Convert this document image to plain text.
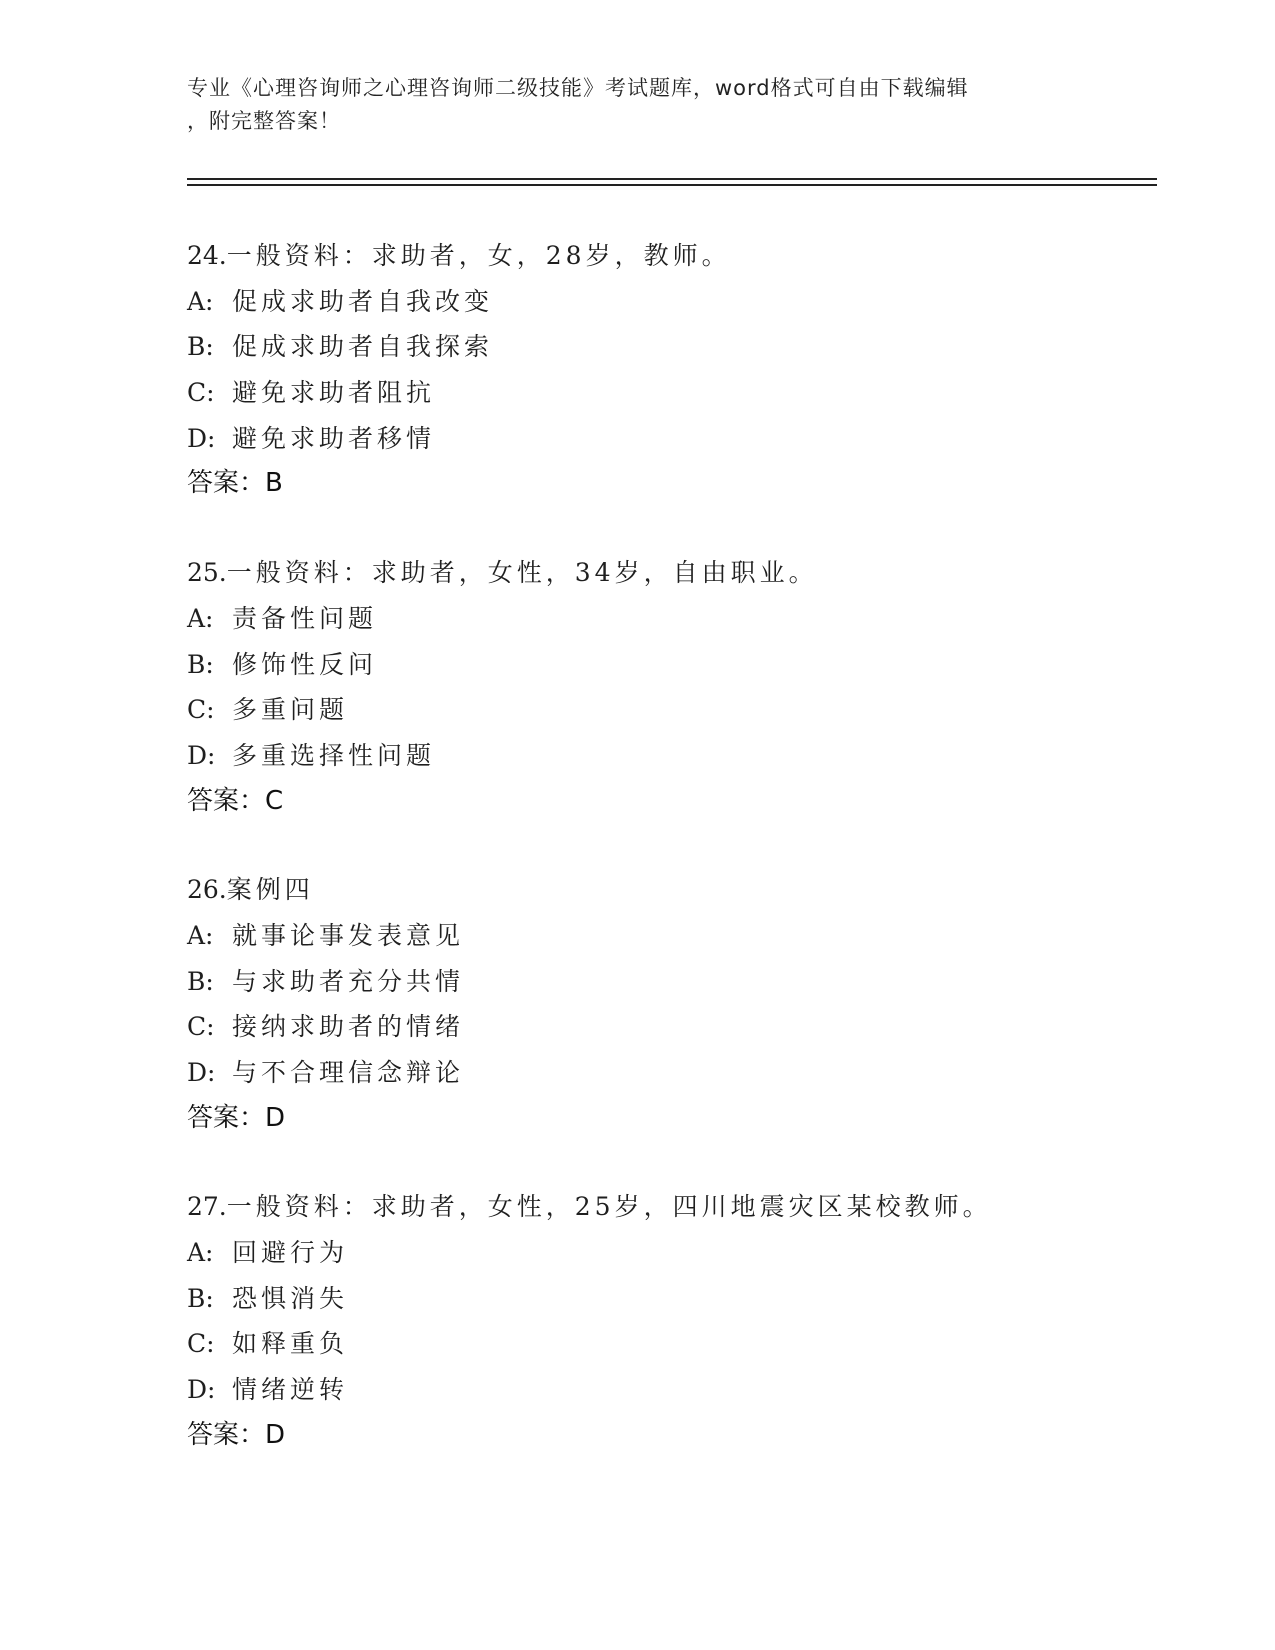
专业《心理咨询师之心理咨询师二级技能》考试题库，word格式可自由下载编辑
，附完整答案！
24.一般资料：求助者，女，28岁，教师。
A: 促成求助者自我改变
B: 促成求助者自我探索
C: 避免求助者阻抗
D: 避免求助者移情
答案：B
25.一般资料：求助者，女性，34岁，自由职业。
A: 责备性问题
B: 修饰性反问
C: 多重问题
D: 多重选择性问题
答案：C
26.案例四
A: 就事论事发表意见
B: 与求助者充分共情
C: 接纳求助者的情绪
D: 与不合理信念辩论
答案：D
27.一般资料：求助者，女性，25岁，四川地震灾区某校教师。
A: 回避行为
B: 恐惧消失
C: 如释重负
D: 情绪逆转
答案：D
